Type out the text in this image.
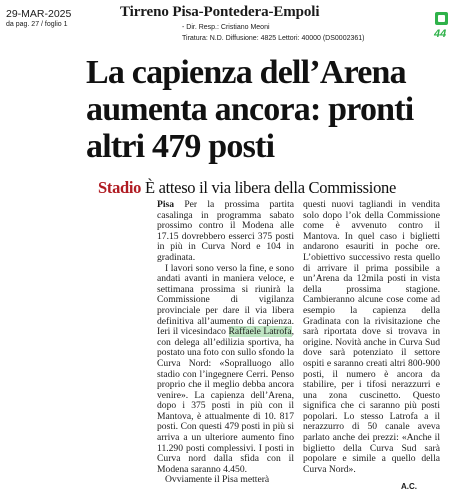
29-MAR-2025
da pag. 27 / foglio 1
Tirreno Pisa-Pontedera-Empoli
- Dir. Resp.: Cristiano Meoni
Tiratura: N.D. Diffusione: 4825 Lettori: 40000 (DS0002361)	44
La capienza dell’Arena aumenta ancora: pronti altri 479 posti
Stadio È atteso il via libera della Commissione

Pisa Per la prossima partita casalinga in programma sabato prossimo contro il Modena alle 17.15 dovrebbero esserci 375 posti in più in Curva Nord e 104 in gradinata.

I lavori sono verso la fine, e sono andati avanti in maniera veloce, e settimana prossima si riunirà la Commissione di vigilanza provinciale per dare il via libera definitiva all’aumento di capienza. Ieri il vicesindaco Raffaele Latrofa, con delega all’edilizia sportiva, ha postato una foto con sullo sfondo la Curva Nord: «Sopralluogo allo stadio con l’ingegnere Cerri. Penso proprio che il meglio debba ancora venire». La capienza dell’Arena, dopo i 375 posti in più con il Mantova, è attualmente di 10. 817 posti. Con questi 479 posti in più si arriva a un ulteriore aumento fino 11.290 posti complessivi. I posti in Curva nord dalla sfida con il Modena saranno 4.450.

Ovviamente il Pisa metterà

questi nuovi tagliandi in vendita solo dopo l’ok della Commissione come è avvenuto contro il Mantova. In quel caso i biglietti andarono esauriti in poche ore. L’obiettivo successivo resta quello di arrivare il prima possibile a un’Arena da 12mila posti in vista della prossima stagione. Cambieranno alcune cose come ad esempio la capienza della Gradinata con la rivisitazione che sarà riportata dove si trovava in origine. Novità anche in Curva Sud dove sarà potenziato il settore ospiti e saranno creati altri 800-900 posti, il numero è ancora da stabilire, per i tifosi nerazzurri e una zona cuscinetto. Questo significa che ci saranno più posti popolari. Lo stesso Latrofa a il nerazzurro di 50 canale aveva parlato anche dei prezzi: «Anche il biglietto della Curva Sud sarà popolare e simile a quello della Curva Nord».

A.C.
